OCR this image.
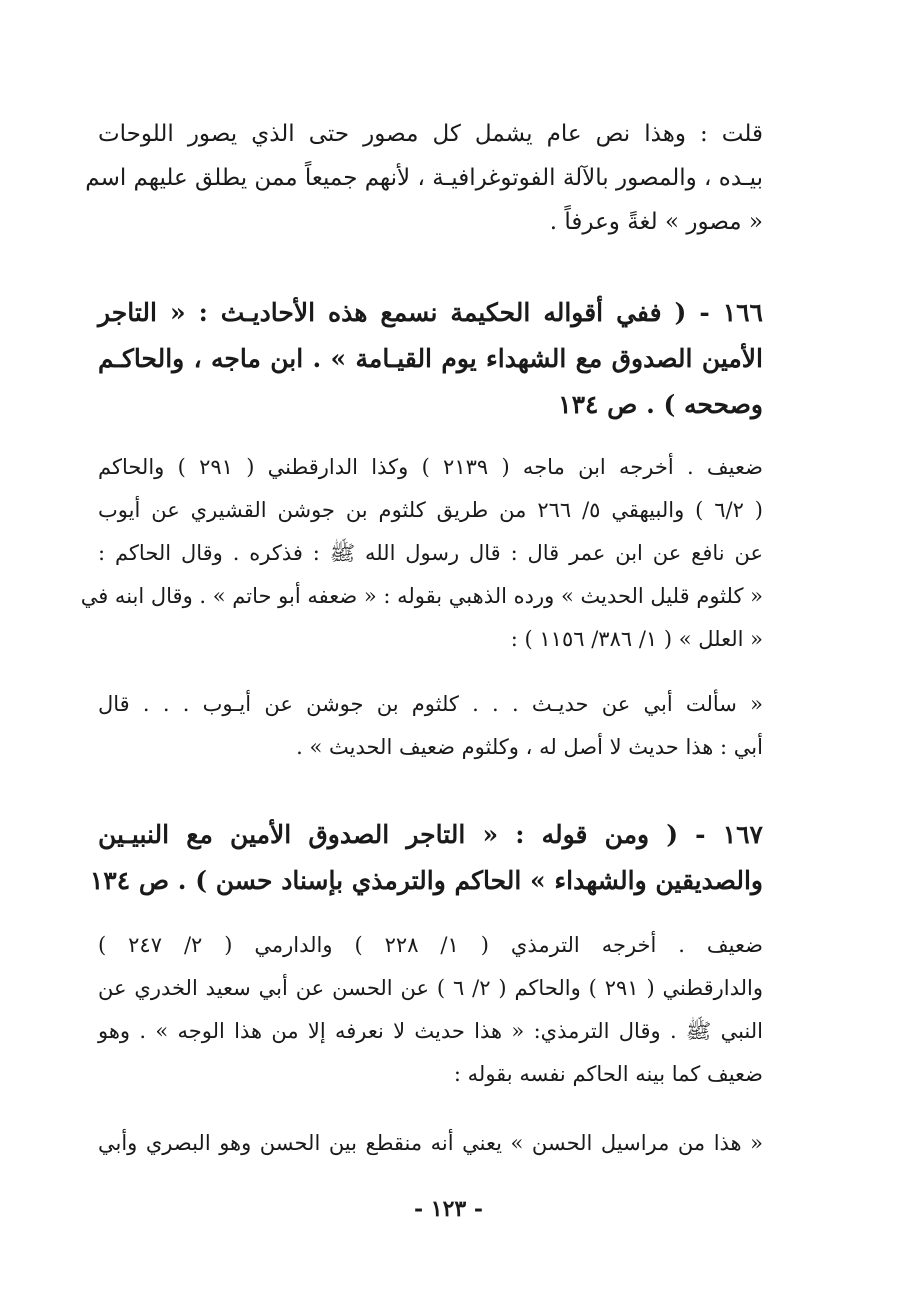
قلت : وهذا نص عام يشمل كل مصور حتى الذي يصور اللوحات
بيـده ، والمصور بالآلة الفوتوغرافيـة ، لأنهم جميعاً ممن يطلق عليهم اسم
« مصور » لغةً وعرفاً .
١٦٦ - ( ففي أقواله الحكيمة نسمع هذه الأحاديـث : « التاجر
الأمين الصدوق مع الشهداء يوم القيـامة » . ابن ماجه ، والحاكـم
وصححه ) . ص ١٣٤
ضعيف . أخرجه ابن ماجه ( ٢١٣٩ ) وكذا الدارقطني ( ٢٩١ ) والحاكم
( ٦/٢ ) والبيهقي ٥/ ٢٦٦ من طريق كلثوم بن جوشن القشيري عن أيوب
عن نافع عن ابن عمر قال : قال رسول الله ﷺ : فذكره . وقال الحاكم :
« كلثوم قليل الحديث » ورده الذهبي بقوله : « ضعفه أبو حاتم » . وقال ابنه في
« العلل » ( ١/ ٣٨٦/ ١١٥٦ ) :
« سألت أبي عن حديـث . . . كلثوم بن جوشن عن أيـوب . . . قال
أبي : هذا حديث لا أصل له ، وكلثوم ضعيف الحديث » .
١٦٧ - ( ومن قوله : « التاجر الصدوق الأمين مع النبيـين
والصديقين والشهداء » الحاكم والترمذي بإسناد حسن ) . ص ١٣٤
ضعيف . أخرجه الترمذي ( ١/ ٢٢٨ ) والدارمي ( ٢/ ٢٤٧ )
والدارقطني ( ٢٩١ ) والحاكم ( ٢/ ٦ ) عن الحسن عن أبي سعيد الخدري عن
النبي ﷺ . وقال الترمذي: « هذا حديث لا نعرفه إلا من هذا الوجه » . وهو
ضعيف كما بينه الحاكم نفسه بقوله :
« هذا من مراسيل الحسن » يعني أنه منقطع بين الحسن وهو البصري وأبي
- ١٢٣ -
